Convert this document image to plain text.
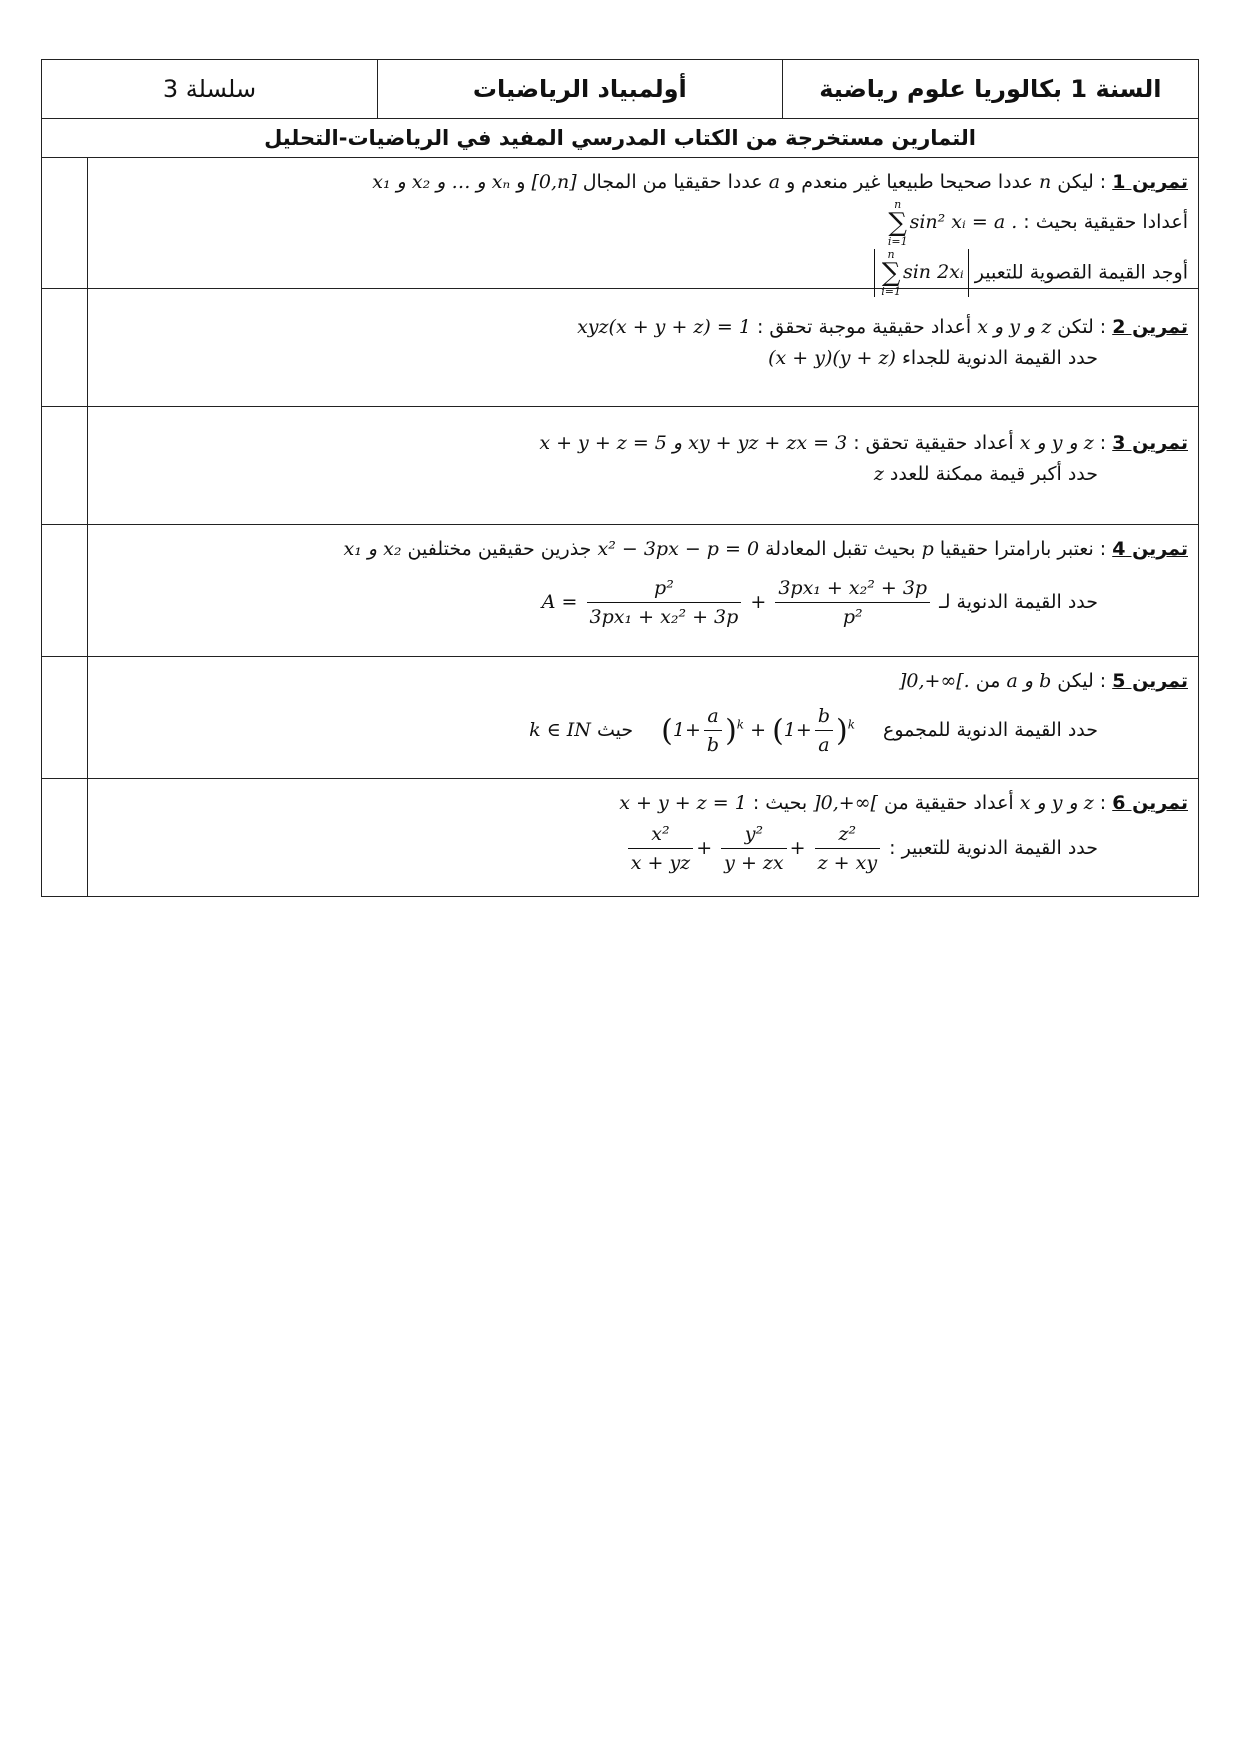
السنة 1 بكالوريا علوم رياضية	أولمبياد الرياضيات	سلسلة 3
التمارين مستخرجة من الكتاب المدرسي المفيد في الرياضيات-التحليل
تمرين 1: ليكن n عددا صحيحا طبيعيا غير منعدم و a عددا حقيقيا من المجال [0,n] و x₁ و x₂ و … و xₙ
أعدادا حقيقية بحيث :
n
∑
i=1
sin² xᵢ = a .
أوجد القيمة القصوية للتعبير
n
∑
i=1
sin 2xᵢ
تمرين 2: لتكن x و y و z أعداد حقيقية موجبة تحقق : xyz(x + y + z) = 1
حدد القيمة الدنوية للجداء (x + y)(y + z)
تمرين 3: x و y و z أعداد حقيقية تحقق : x + y + z = 5 و xy + yz + zx = 3
حدد أكبر قيمة ممكنة للعدد z
تمرين 4: نعتبر بارامترا حقيقيا p بحيث تقبل المعادلة x² − 3px − p = 0 جذرين حقيقين مختلفين x₁ و x₂
حدد القيمة الدنوية لـ $A = \frac{\text{p²}}{\text{3px₁ + x₂² + 3p}} + \frac{\text{3px₁ + x₂² + 3p}}{\text{p²}}$
تمرين 5: ليكن a و b من ]0,+∞[.
حدد القيمة الدنوية للمجموع $(1+ \frac{a}{b} )^k + (1+ \frac{b}{a} )^k$ حيث k ∈ IN
تمرين 6: x و y و z أعداد حقيقية من ]0,+∞[ بحيث : x + y + z = 1
حدد القيمة الدنوية للتعبير :
$\frac{\text{x²}}{x + yz} + \frac{\text{y²}}{y + zx} + \frac{\text{z²}}{z + xy}$
